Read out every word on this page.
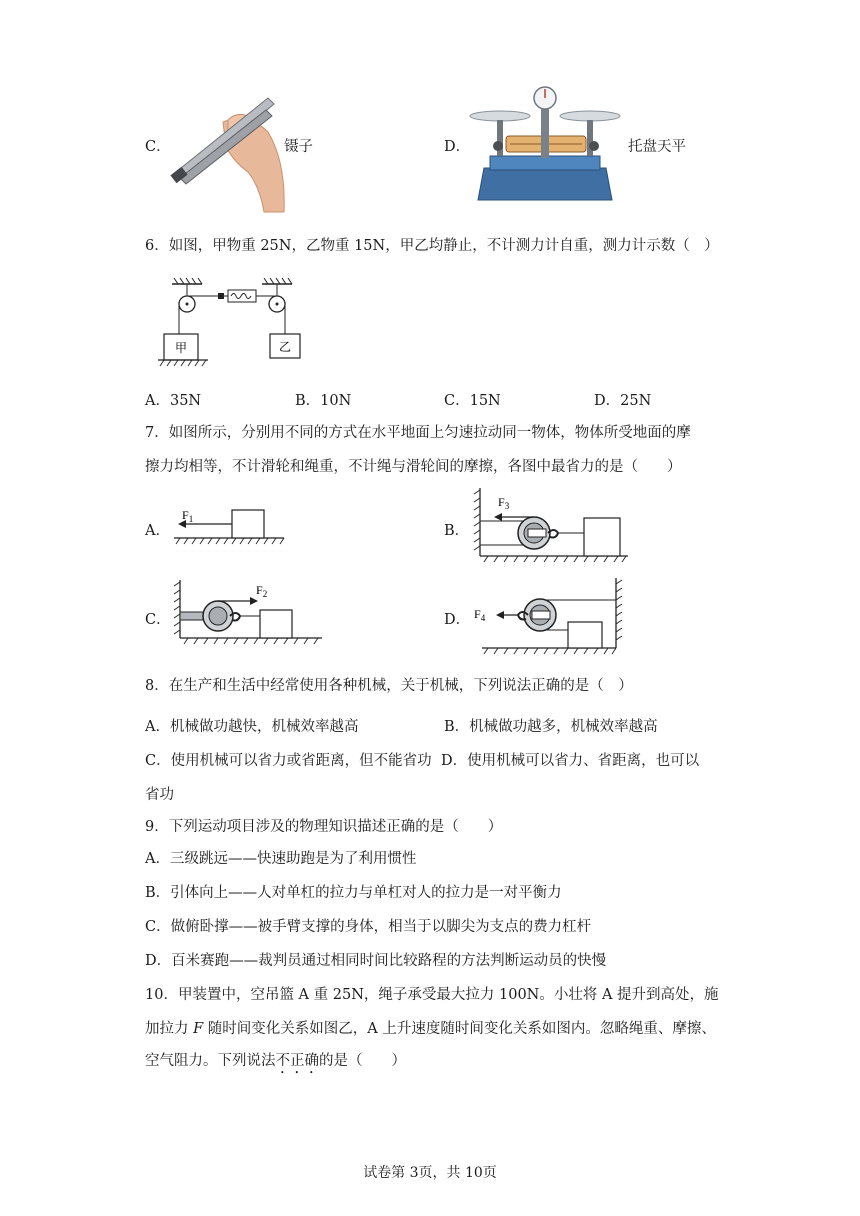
C．	镊子	D．	托盘天平
6．如图，甲物重 25N，乙物重 15N，甲乙均静止，不计测力计自重，测力计示数（　）
甲	乙
A．35N	B．10N	C．15N	D．25N
7．如图所示，分别用不同的方式在水平地面上匀速拉动同一物体，物体所受地面的摩
擦力均相等，不计滑轮和绳重，不计绳与滑轮间的摩擦，各图中最省力的是（　　）
A．
$F_1$
B．
$F_3$
C．
$F_2$
D． $F_4$
8．在生产和生活中经常使用各种机械，关于机械，下列说法正确的是（　）
A．机械做功越快，机械效率越高	B．机械做功越多，机械效率越高
C．使用机械可以省力或省距离，但不能省功 D．使用机械可以省力、省距离，也可以
省功
9．下列运动项目涉及的物理知识描述正确的是（　　）
A．三级跳远——快速助跑是为了利用惯性
B．引体向上——人对单杠的拉力与单杠对人的拉力是一对平衡力
C．做俯卧撑——被手臂支撑的身体，相当于以脚尖为支点的费力杠杆
D．百米赛跑——裁判员通过相同时间比较路程的方法判断运动员的快慢
10．甲装置中，空吊篮 A 重 25N，绳子承受最大拉力 100N。小壮将 A 提升到高处，施
加拉力 F 随时间变化关系如图乙，A 上升速度随时间变化关系如图内。忽略绳重、摩擦、
空气阻力。下列说法不正确的是（　　）
试卷第 3页，共 10页
